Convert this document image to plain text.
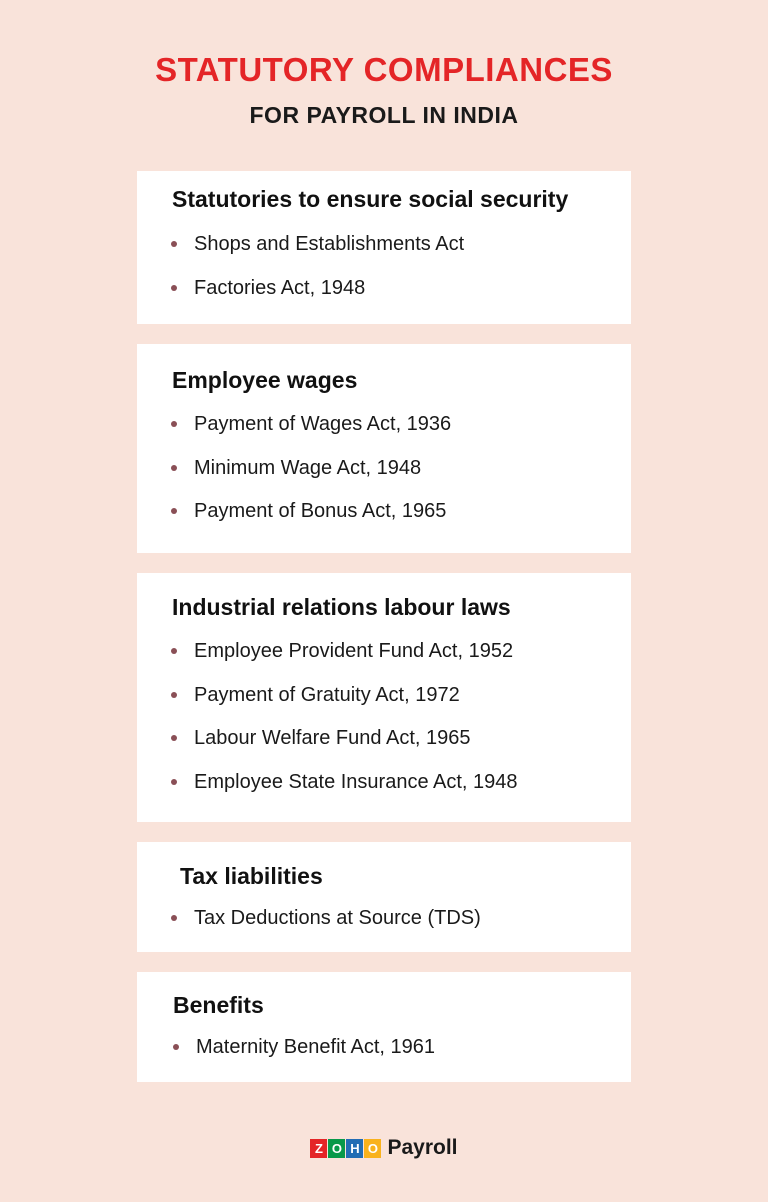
STATUTORY COMPLIANCES
FOR PAYROLL IN INDIA
Statutories to ensure social security
Shops and Establishments Act
Factories Act, 1948
Employee wages
Payment of Wages Act, 1936
Minimum Wage Act, 1948
Payment of Bonus Act, 1965
Industrial relations labour laws
Employee Provident Fund Act, 1952
Payment of Gratuity Act, 1972
Labour Welfare Fund Act, 1965
Employee State Insurance Act, 1948
Tax liabilities
Tax Deductions at Source (TDS)
Benefits
Maternity Benefit Act, 1961
Z O H O Payroll
